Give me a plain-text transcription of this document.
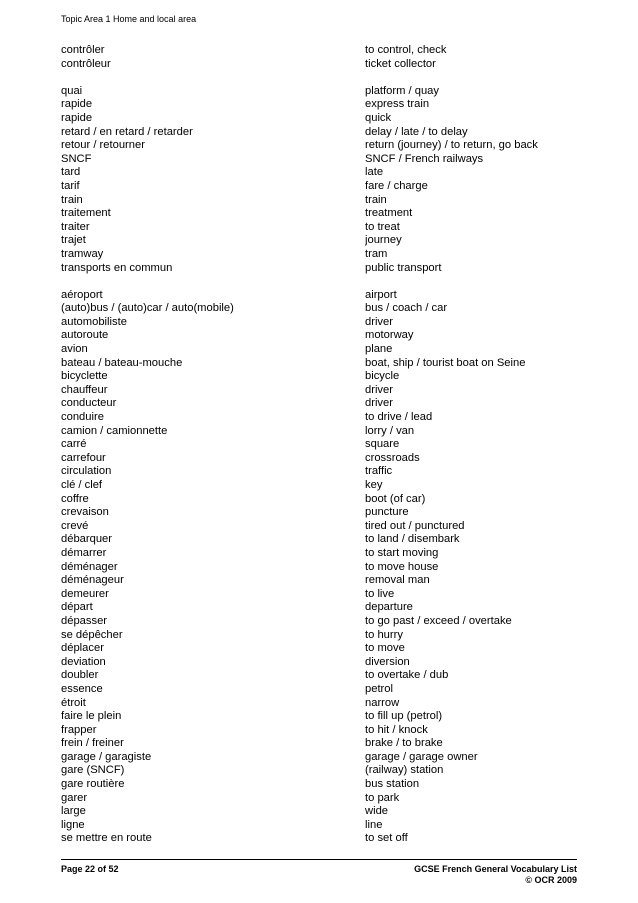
Topic Area 1 Home and local area
contrôler	to control, check
contrôleur	ticket collector
quai	platform / quay
rapide	express train
rapide	quick
retard / en retard / retarder	delay / late / to delay
retour / retourner	return (journey) / to return, go back
SNCF	SNCF / French railways
tard	late
tarif	fare / charge
train	train
traitement	treatment
traiter	to treat
trajet	journey
tramway	tram
transports en commun	public transport
aéroport	airport
(auto)bus / (auto)car / auto(mobile)	bus / coach / car
automobiliste	driver
autoroute	motorway
avion	plane
bateau / bateau-mouche	boat, ship / tourist boat on Seine
bicyclette	bicycle
chauffeur	driver
conducteur	driver
conduire	to drive / lead
camion / camionnette	lorry / van
carré	square
carrefour	crossroads
circulation	traffic
clé / clef	key
coffre	boot (of car)
crevaison	puncture
crevé	tired out / punctured
débarquer	to land / disembark
démarrer	to start moving
déménager	to move house
déménageur	removal man
demeurer	to live
départ	departure
dépasser	to go past / exceed / overtake
se dépêcher	to hurry
déplacer	to move
deviation	diversion
doubler	to overtake / dub
essence	petrol
étroit	narrow
faire le plein	to fill up (petrol)
frapper	to hit / knock
frein / freiner	brake / to brake
garage / garagiste	garage / garage owner
gare (SNCF)	(railway) station
gare routière	bus station
garer	to park
large	wide
ligne	line
se mettre en route	to set off
Page 22 of 52	GCSE French General Vocabulary List
© OCR 2009
